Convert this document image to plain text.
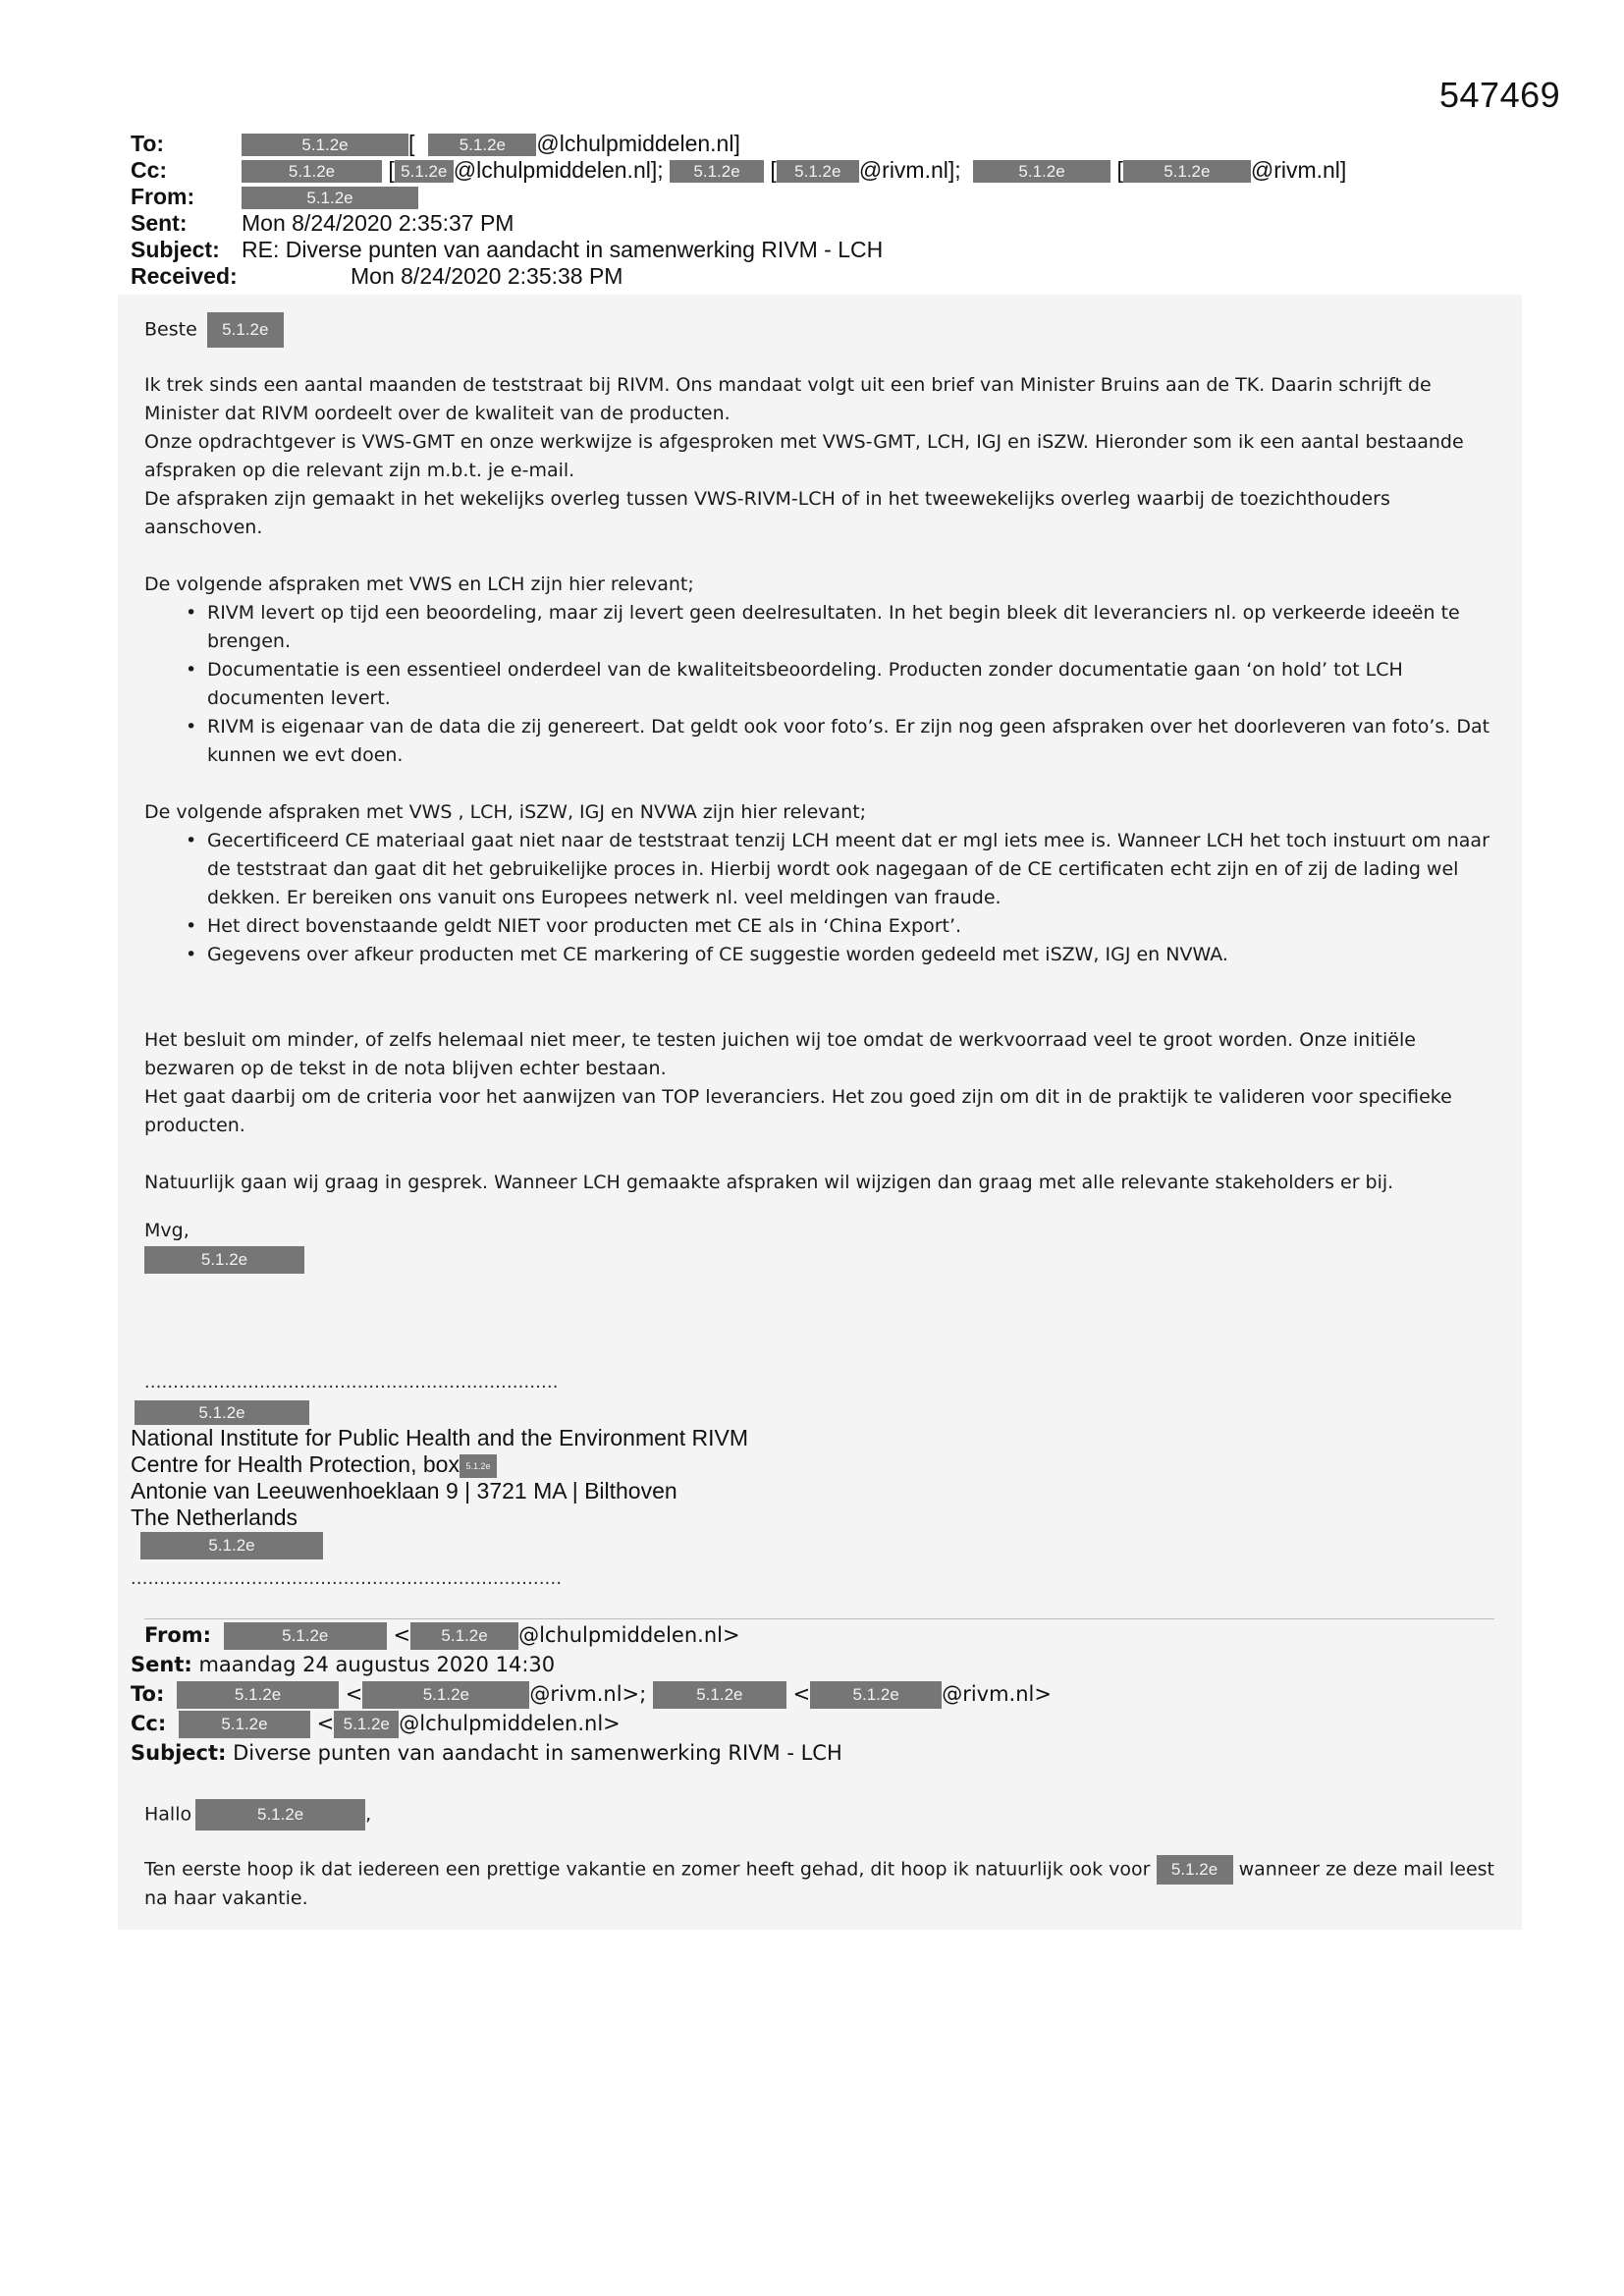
547469
To:	5.1.2e	[	5.1.2e @lchulpmiddelen.nl]
Cc:	5.1.2e [ 5.1.2e @lchulpmiddelen.nl]; 5.1.2e [ 5.1.2e @rivm.nl];	5.1.2e [ 5.1.2e @rivm.nl]
From:	5.1.2e
Sent: Mon 8/24/2020 2:35:37 PM
Subject: RE: Diverse punten van aandacht in samenwerking RIVM - LCH
Received:	Mon 8/24/2020 2:35:38 PM
Beste 5.1.2e

Ik trek sinds een aantal maanden de teststraat bij RIVM. Ons mandaat volgt uit een brief van Minister Bruins aan de TK. Daarin schrijft de Minister dat RIVM oordeelt over de kwaliteit van de producten.

Onze opdrachtgever is VWS-GMT en onze werkwijze is afgesproken met VWS-GMT, LCH, IGJ en iSZW. Hieronder som ik een aantal bestaande afspraken op die relevant zijn m.b.t. je e-mail.

De afspraken zijn gemaakt in het wekelijks overleg tussen VWS-RIVM-LCH of in het tweewekelijks overleg waarbij de toezichthouders aanschoven.

De volgende afspraken met VWS en LCH zijn hier relevant;

• RIVM levert op tijd een beoordeling, maar zij levert geen deelresultaten. In het begin bleek dit leveranciers nl. op verkeerde ideeën te brengen.
• Documentatie is een essentieel onderdeel van de kwaliteitsbeoordeling. Producten zonder documentatie gaan ‘on hold’ tot LCH documenten levert.
• RIVM is eigenaar van de data die zij genereert. Dat geldt ook voor foto’s. Er zijn nog geen afspraken over het doorleveren van foto’s. Dat kunnen we evt doen.

De volgende afspraken met VWS , LCH, iSZW, IGJ en NVWA zijn hier relevant;

• Gecertificeerd CE materiaal gaat niet naar de teststraat tenzij LCH meent dat er mgl iets mee is. Wanneer LCH het toch instuurt om naar de teststraat dan gaat dit het gebruikelijke proces in. Hierbij wordt ook nagegaan of de CE certificaten echt zijn en of zij de lading wel dekken. Er bereiken ons vanuit ons Europees netwerk nl. veel meldingen van fraude.
• Het direct bovenstaande geldt NIET voor producten met CE als in ‘China Export’.
• Gegevens over afkeur producten met CE markering of CE suggestie worden gedeeld met iSZW, IGJ en NVWA.

Het besluit om minder, of zelfs helemaal niet meer, te testen juichen wij toe omdat de werkvoorraad veel te groot worden. Onze initiële bezwaren op de tekst in de nota blijven echter bestaan.

Het gaat daarbij om de criteria voor het aanwijzen van TOP leveranciers. Het zou goed zijn om dit in de praktijk te valideren voor specifieke producten.

Natuurlijk gaan wij graag in gesprek. Wanneer LCH gemaakte afspraken wil wijzigen dan graag met alle relevante stakeholders er bij.

Mvg,

5.1.2e

........................................................................
5.1.2e
National Institute for Public Health and the Environment RIVM
Centre for Health Protection, box 5.1.2e
Antonie van Leeuwenhoeklaan 9 | 3721 MA | Bilthoven
The Netherlands
5.1.2e
...........................................................................
From:	5.1.2e	< 5.1.2e @lchulpmiddelen.nl>
Sent: maandag 24 augustus 2020 14:30
To:	5.1.2e	<	5.1.2e	@rivm.nl>;	5.1.2e <	5.1.2e @rivm.nl>
Cc:	5.1.2e < 5.1.2e @lchulpmiddelen.nl>
Subject: Diverse punten van aandacht in samenwerking RIVM - LCH
Hallo	5.1.2e	,

Ten eerste hoop ik dat iedereen een prettige vakantie en zomer heeft gehad, dit hoop ik natuurlijk ook voor 5.1.2e wanneer ze deze mail leest na haar vakantie.
